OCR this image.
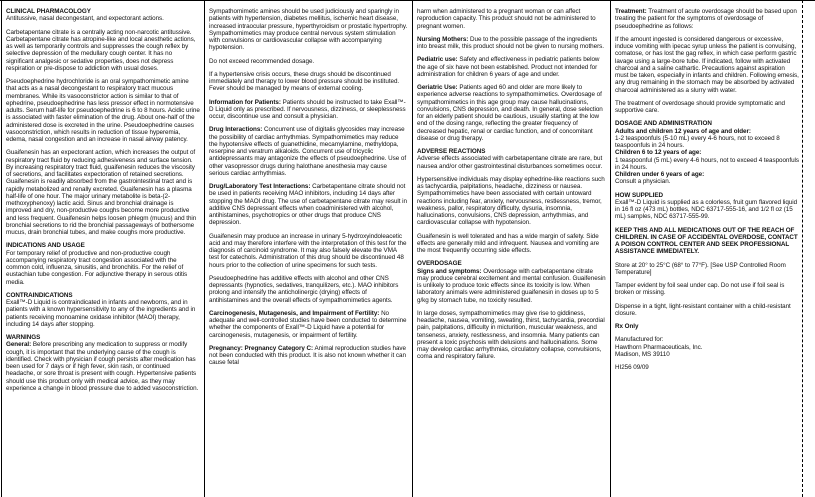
CLINICAL PHARMACOLOGY
Antitussive, nasal decongestant, and expectorant actions.

Carbetapentane citrate is a centrally acting non-narcotic antitussive. Carbetapentane citrate has atropine-like and local anesthetic actions, as well as temporarily controls and suppresses the cough reflex by selective depression of the medullary cough center. It has no significant analgesic or sedative properties, does not depress respiration or pre-dispose to addiction with usual doses.

Pseudoephedrine hydrochloride is an oral sympathomimetic amine that acts as a nasal decongestant to respiratory tract mucous membranes. While its vasoconstrictor action is similar to that of ephedrine, pseudoephedrine has less pressor effect in normotensive adults. Serum half-life for pseudoephedrine is 6 to 8 hours. Acidic urine is associated with faster elimination of the drug. About one-half of the administered dose is excreted in the urine. Pseudoephedrine causes vasoconstriction, which results in reduction of tissue hyperemia, edema, nasal congestion and an increase in nasal airway patency.

Guaifenesin has an expectorant action, which increases the output of respiratory tract fluid by reducing adhesiveness and surface tension. By increasing respiratory tract fluid, guaifenesin reduces the viscosity of secretions, and facilitates expectoration of retained secretions. Guaifenesin is readily absorbed from the gastrointestinal tract and is rapidly metabolized and renally excreted. Guaifenesin has a plasma half-life of one hour. The major urinary metabolite is beta-(2-methoxyphenoxy) lactic acid. Sinus and bronchial drainage is improved and dry, non-productive coughs become more productive and less frequent. Guaifenesin helps loosen phlegm (mucus) and thin bronchial secretions to rid the bronchial passageways of bothersome mucus, drain bronchial tubes, and make coughs more productive.

INDICATIONS AND USAGE
For temporary relief of productive and non-productive cough accompanying respiratory tract congestion associated with the common cold, influenza, sinusitis, and bronchitis. For the relief of eustachian tube congestion. For adjunctive therapy in serous otitis media.

CONTRAINDICATIONS
Exall™-D Liquid is contraindicated in infants and newborns, and in patients with a known hypersensitivity to any of the ingredients and in patients receiving monoamine oxidase inhibitor (MAOI) therapy, including 14 days after stopping.

WARNINGS
General: Before prescribing any medication to suppress or modify cough, it is important that the underlying cause of the cough is identified. Check with physician if cough persists after medication has been used for 7 days or if high fever, skin rash, or continued headache, or sore throat is present with cough. Hypertensive patients should use this product only with medical advice, as they may experience a change in blood pressure due to added vasoconstriction.

Sympathomimetic amines should be used judiciously and sparingly in patients with hypertension, diabetes mellitus, ischemic heart disease, increased intraocular pressure, hyperthyroidism or prostatic hypertrophy. Sympathomimetics may produce central nervous system stimulation with convulsions or cardiovascular collapse with accompanying hypotension.

Do not exceed recommended dosage.

If a hypertensive crisis occurs, these drugs should be discontinued immediately and therapy to lower blood pressure should be instituted. Fever should be managed by means of external cooling.

Information for Patients: Patients should be instructed to take Exall™-D Liquid only as prescribed. If nervousness, dizziness, or sleeplessness occur, discontinue use and consult a physician.

Drug Interactions: Concurrent use of digitalis glycosides may increase the possibility of cardiac arrhythmias. Sympathomimetics may reduce the hypotensive effects of guanethidine, mecamylamine, methyldopa, reserpine and veratrum alkaloids. Concurrent use of tricyclic antidepressants may antagonize the effects of pseudoephedrine. Use of other vasopressor drugs during halothane anesthesia may cause serious cardiac arrhythmias.

Drug/Laboratory Test Interactions: Carbetapentane citrate should not be used in patients receiving MAO inhibitors, including 14 days after stopping the MAOI drug. The use of carbetapentane citrate may result in additive CNS depressant effects when coadministered with alcohol, antihistamines, psychotropics or other drugs that produce CNS depression.

Guaifenesin may produce an increase in urinary 5-hydroxyindoleacetic acid and may therefore interfere with the interpretation of this test for the diagnosis of carcinoid syndrome. It may also falsely elevate the VMA test for catechols. Administration of this drug should be discontinued 48 hours prior to the collection of urine specimens for such tests.

Pseudoephedrine has additive effects with alcohol and other CNS depressants (hypnotics, sedatives, tranquilizers, etc.). MAO inhibitors prolong and intensify the anticholinergic (drying) effects of antihistamines and the overall effects of sympathomimetics agents.

Carcinogenesis, Mutagenesis, and Impairment of Fertility: No adequate and well-controlled studies have been conducted to determine whether the components of Exall™-D Liquid have a potential for carcinogenesis, mutagenesis, or impairment of fertility.

Pregnancy: Pregnancy Category C: Animal reproduction studies have not been conducted with this product. It is also not known whether it can cause fetal

harm when administered to a pregnant woman or can affect reproduction capacity. This product should not be administered to pregnant women.

Nursing Mothers: Due to the possible passage of the ingredients into breast milk, this product should not be given to nursing mothers.

Pediatric use: Safety and effectiveness in pediatric patients below the age of six have not been established. Product not intended for administration for children 6 years of age and under.

Geriatric Use: Patients aged 60 and older are more likely to experience adverse reactions to sympathomimetics. Overdosage of sympathomimetics in this age group may cause hallucinations, convulsions, CNS depression, and death. In general, dose selection for an elderly patient should be cautious, usually starting at the low end of the dosing range, reflecting the greater frequency of decreased hepatic, renal or cardiac function, and of concomitant disease or drug therapy.

ADVERSE REACTIONS
Adverse effects associated with carbetapentane citrate are rare, but nausea and/or other gastrointestinal disturbances sometimes occur.

Hypersensitive individuals may display ephedrine-like reactions such as tachycardia, palpitations, headache, dizziness or nausea. Sympathomimetics have been associated with certain untoward reactions including fear, anxiety, nervousness, restlessness, tremor, weakness, pallor, respiratory difficulty, dysuria, insomnia, hallucinations, convulsions, CNS depression, arrhythmias, and cardiovascular collapse with hypotension.

Guaifenesin is well tolerated and has a wide margin of safety. Side effects are generally mild and infrequent. Nausea and vomiting are the most frequently occurring side effects.

OVERDOSAGE
Signs and symptoms: Overdosage with carbetapentane citrate may produce cerebral excitement and mental confusion. Guaifenesin is unlikely to produce toxic effects since its toxicity is low. When laboratory animals were administered guaifenesin in doses up to 5 g/kg by stomach tube, no toxicity resulted.

In large doses, sympathomimetics may give rise to giddiness, headache, nausea, vomiting, sweating, thirst, tachycardia, precordial pain, palpitations, difficulty in micturition, muscular weakness, and tenseness, anxiety, restlessness, and insomnia. Many patients can present a toxic psychosis with delusions and hallucinations. Some may develop cardiac arrhythmias, circulatory collapse, convulsions, coma and respiratory failure.

Treatment: Treatment of acute overdosage should be based upon treating the patient for the symptoms of overdosage of pseudoephedrine as follows:

If the amount ingested is considered dangerous or excessive, induce vomiting with ipecac syrup unless the patient is convulsing, comatose, or has lost the gag reflex, in which case perform gastric lavage using a large-bore tube. If indicated, follow with activated charcoal and a saline cathartic. Precautions against aspiration must be taken, especially in infants and children. Following emesis, any drug remaining in the stomach may be absorbed by activated charcoal administered as a slurry with water.

The treatment of overdosage should provide symptomatic and supportive care.

DOSAGE AND ADMINISTRATION
Adults and children 12 years of age and older:
1-2 teaspoonfuls (5-10 mL) every 4-6 hours, not to exceed 8 teaspoonfuls in 24 hours.
Children 6 to 12 years of age:
1 teaspoonful (5 mL) every 4-6 hours, not to exceed 4 teaspoonfuls in 24 hours.
Children under 6 years of age:
Consult a physician.

HOW SUPPLIED
Exall™-D Liquid is supplied as a colorless, fruit gum flavored liquid in 16 fl oz (473 mL) bottles, NDC 63717-555-16, and 1/2 fl oz (15 mL) samples, NDC 63717-555-99.

KEEP THIS AND ALL MEDICATIONS OUT OF THE REACH OF CHILDREN. IN CASE OF ACCIDENTAL OVERDOSE, CONTACT A POISON CONTROL CENTER AND SEEK PROFESSIONAL ASSISTANCE IMMEDIATELY.

Store at 20° to 25°C (68° to 77°F). [See USP Controlled Room Temperature]

Tamper evident by foil seal under cap. Do not use if foil seal is broken or missing.

Dispense in a tight, light-resistant container with a child-resistant closure.

Rx Only

Manufactured for:
Hawthorn Pharmaceuticals, Inc.
Madison, MS 39110

HI256 09/09
